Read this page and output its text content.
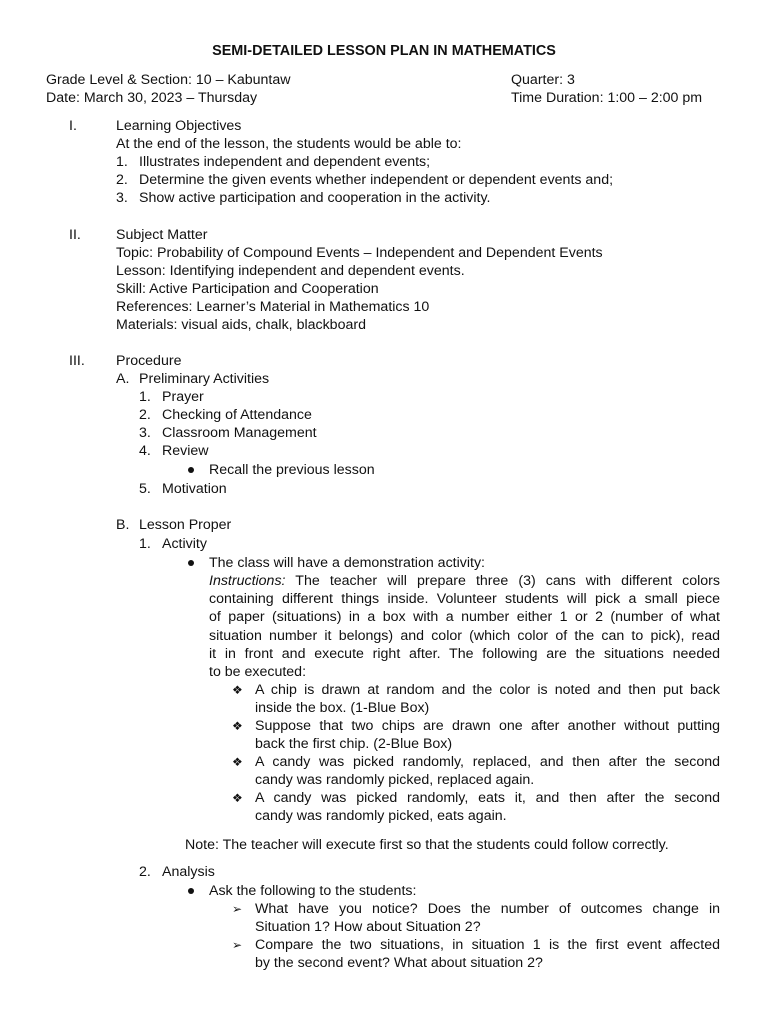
SEMI-DETAILED LESSON PLAN IN MATHEMATICS
Grade Level & Section: 10 – Kabuntaw	Quarter: 3
Date: March 30, 2023 – Thursday	Time Duration: 1:00 – 2:00 pm
I.	Learning Objectives
At the end of the lesson, the students would be able to:
1. Illustrates independent and dependent events;
2. Determine the given events whether independent or dependent events and;
3. Show active participation and cooperation in the activity.
II. Subject Matter
Topic: Probability of Compound Events – Independent and Dependent Events
Lesson: Identifying independent and dependent events.
Skill: Active Participation and Cooperation
References: Learner’s Material in Mathematics 10
Materials: visual aids, chalk, blackboard
III. Procedure
A. Preliminary Activities
1. Prayer
2. Checking of Attendance
3. Classroom Management
4. Review
Recall the previous lesson
5. Motivation
B. Lesson Proper
1. Activity
The class will have a demonstration activity:
Instructions: The teacher will prepare three (3) cans with different colors
containing different things inside. Volunteer students will pick a small piece
of paper (situations) in a box with a number either 1 or 2 (number of what
situation number it belongs) and color (which color of the can to pick), read
it in front and execute right after. The following are the situations needed
to be executed:
❖ A chip is drawn at random and the color is noted and then put back
inside the box. (1-Blue Box)
❖ Suppose that two chips are drawn one after another without putting
back the first chip. (2-Blue Box)
❖ A candy was picked randomly, replaced, and then after the second
candy was randomly picked, replaced again.
❖ A candy was picked randomly, eats it, and then after the second
candy was randomly picked, eats again.
Note: The teacher will execute first so that the students could follow correctly.
2. Analysis
Ask the following to the students:
➢ What have you notice? Does the number of outcomes change in
Situation 1? How about Situation 2?
➢ Compare the two situations, in situation 1 is the first event affected
by the second event? What about situation 2?
